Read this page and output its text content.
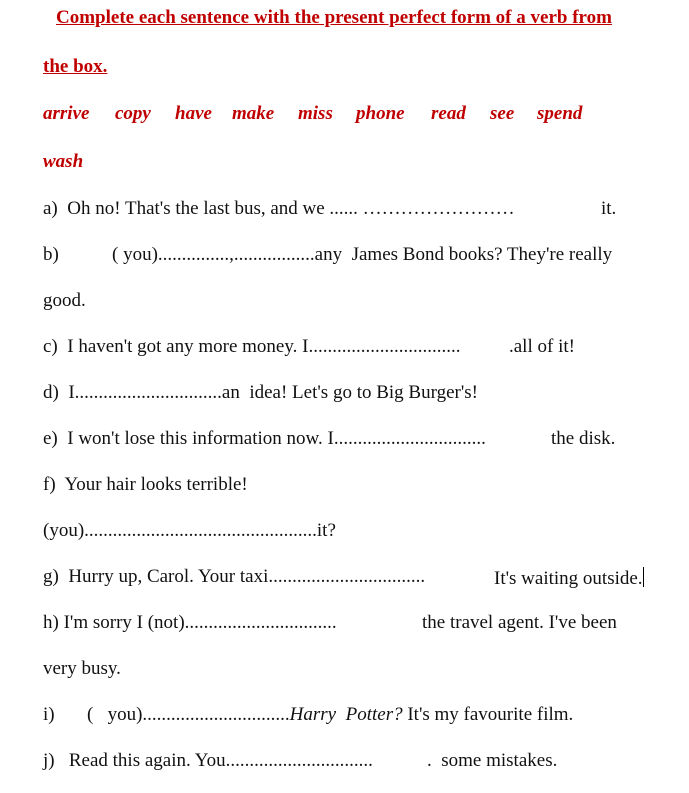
Complete each sentence with the present perfect form of a verb from
the box.
arrive copy have make miss phone read see spend
wash
a)  Oh no! That's the last bus, and we ...... ……………………	it.
b)	( you)...............,.................any  James Bond books? They're really
good.
c)  I haven't got any more money. I................................	.all of it!
d)  I...............................an  idea! Let's go to Big Burger's!
e)  I won't lose this information now. I................................	the disk.
f)  Your hair looks terrible!
(you).................................................it?
g)  Hurry up, Carol. Your taxi.................................	It's waiting outside.
h) I'm sorry I (not)................................	the travel agent. I've been
very busy.
i) (   you)...............................Harry  Potter? It's my favourite film.
j)   Read this again. You...............................	.  some mistakes.
